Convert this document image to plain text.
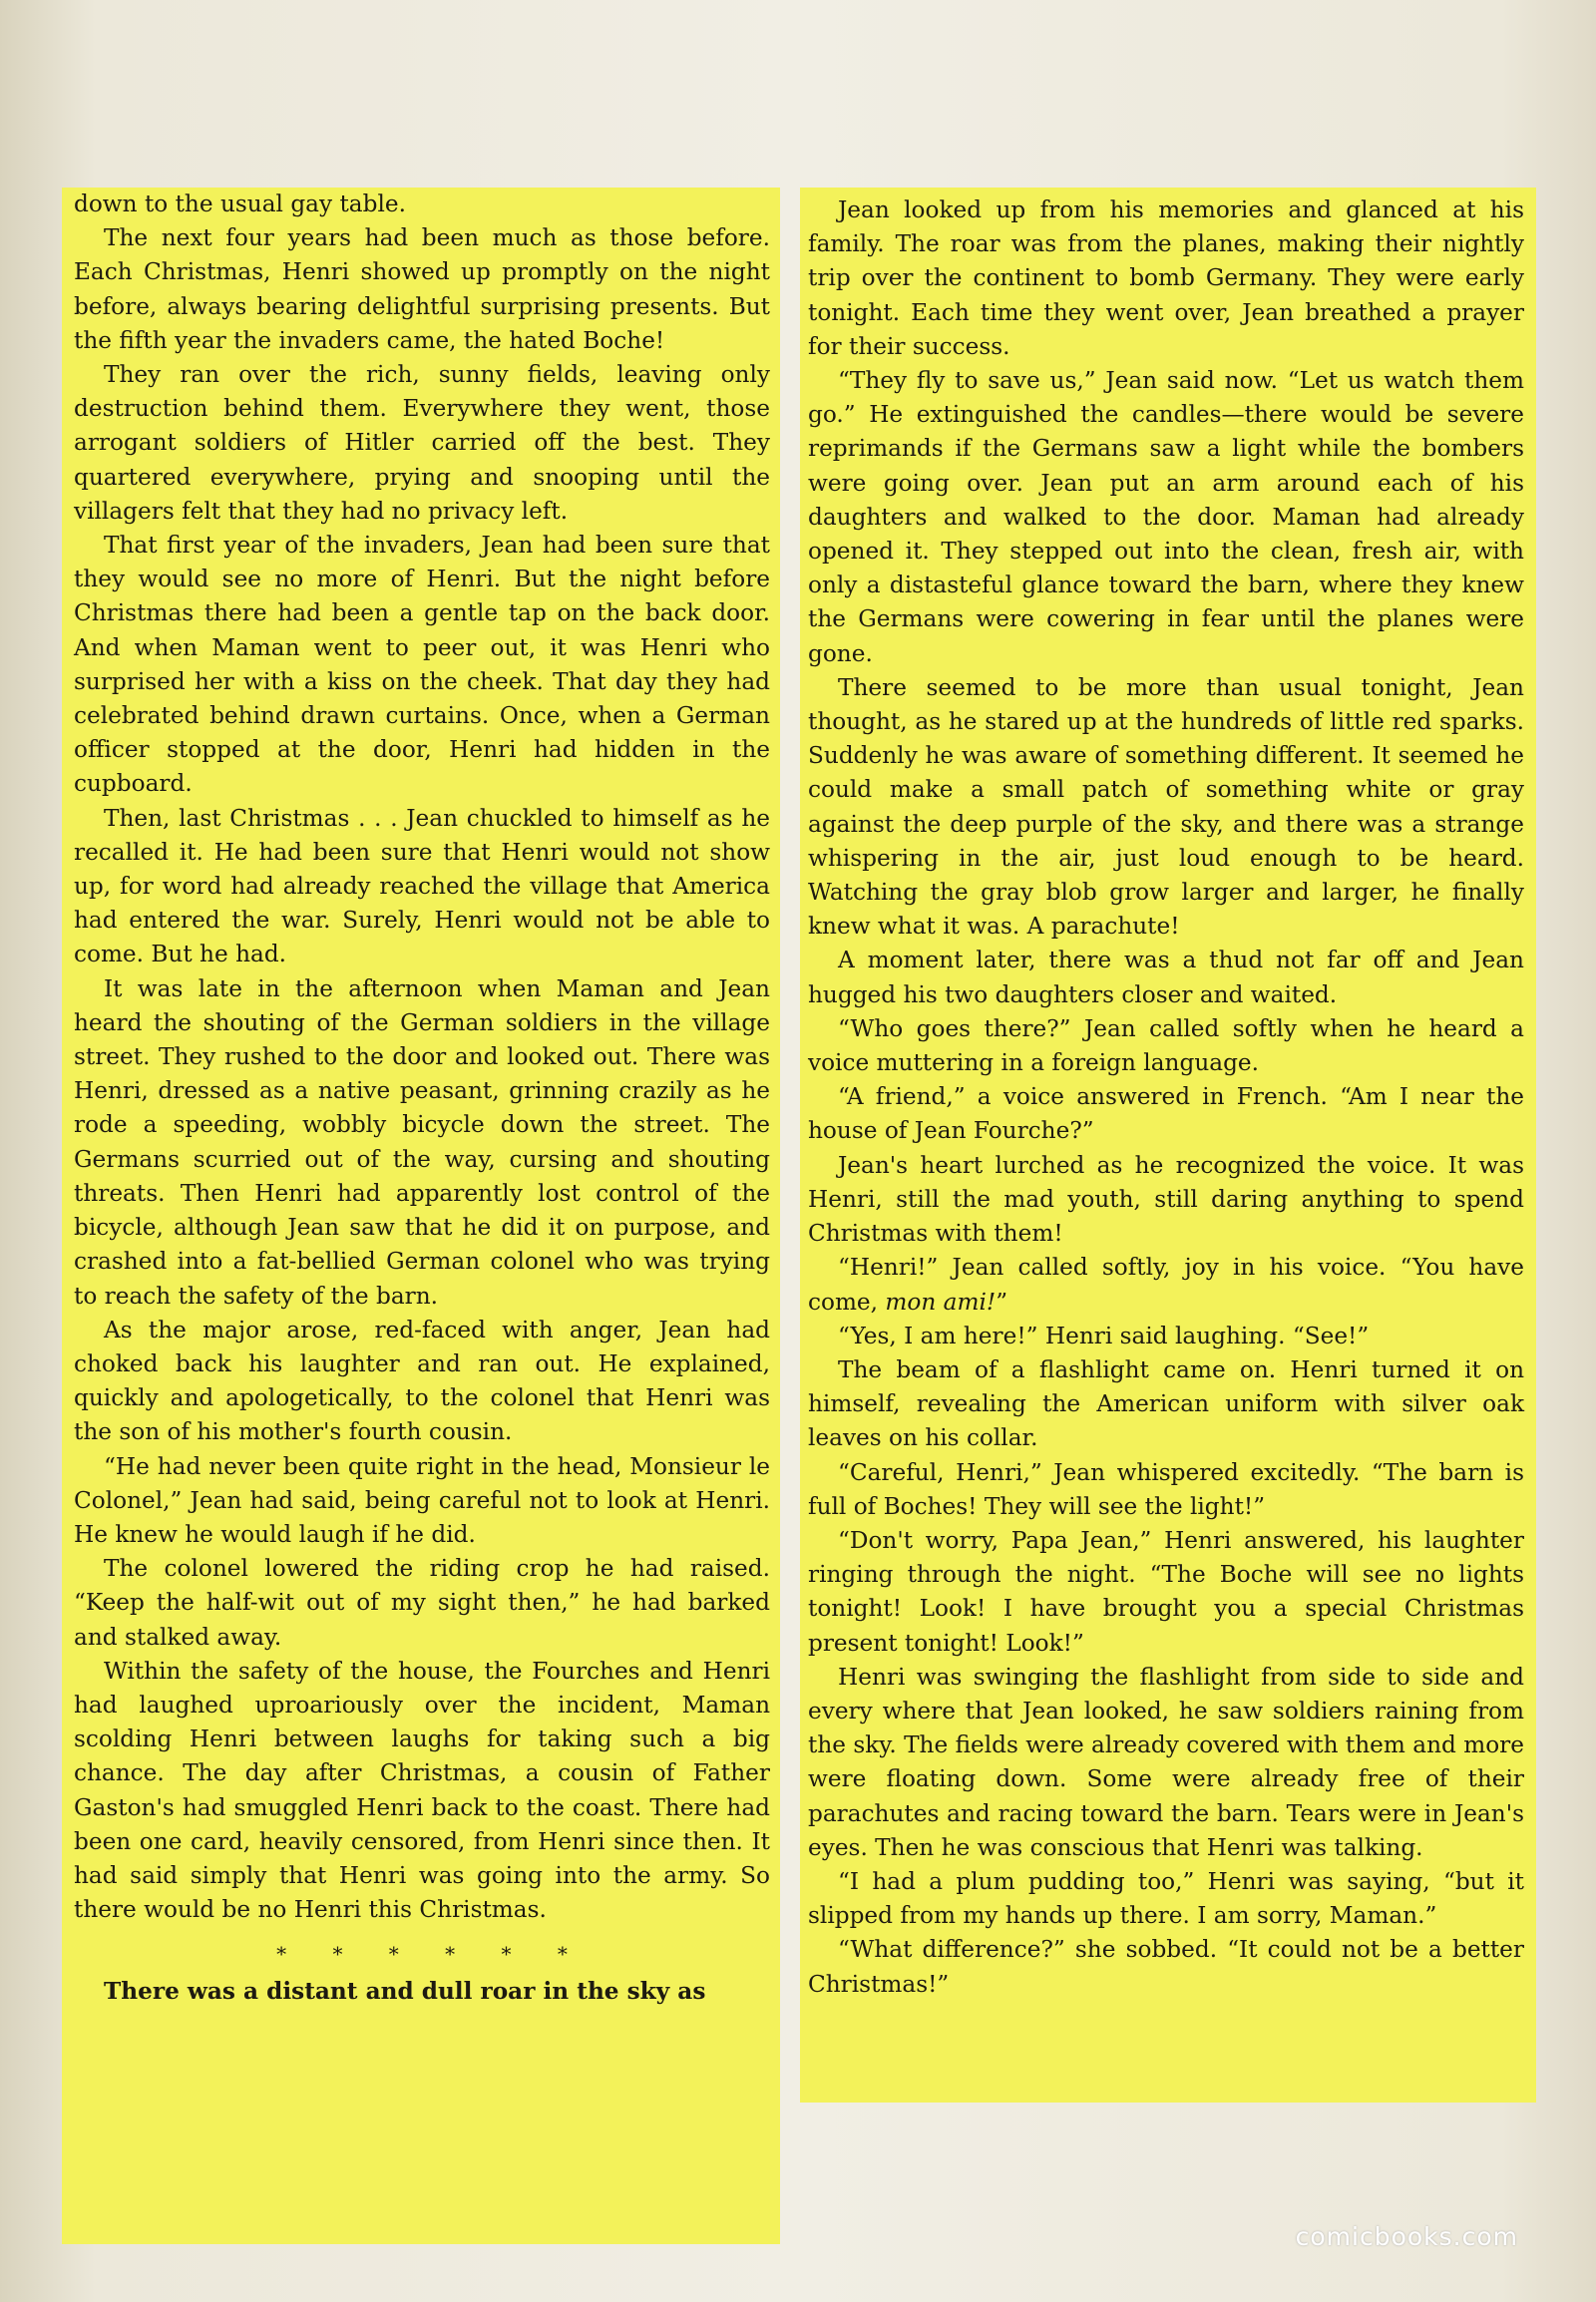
down to the usual gay table.

The next four years had been much as those before. Each Christmas, Henri showed up promptly on the night before, always bearing delightful surprising presents. But the fifth year the invaders came, the hated Boche!

They ran over the rich, sunny fields, leaving only destruction behind them. Everywhere they went, those arrogant soldiers of Hitler carried off the best. They quartered everywhere, prying and snooping until the villagers felt that they had no privacy left.

That first year of the invaders, Jean had been sure that they would see no more of Henri. But the night before Christmas there had been a gentle tap on the back door. And when Maman went to peer out, it was Henri who surprised her with a kiss on the cheek. That day they had celebrated behind drawn curtains. Once, when a German officer stopped at the door, Henri had hidden in the cupboard.

Then, last Christmas . . . Jean chuckled to himself as he recalled it. He had been sure that Henri would not show up, for word had already reached the village that America had entered the war. Surely, Henri would not be able to come. But he had.

It was late in the afternoon when Maman and Jean heard the shouting of the German soldiers in the village street. They rushed to the door and looked out. There was Henri, dressed as a native peasant, grinning crazily as he rode a speeding, wobbly bicycle down the street. The Germans scurried out of the way, cursing and shouting threats. Then Henri had apparently lost control of the bicycle, although Jean saw that he did it on purpose, and crashed into a fat-bellied German colonel who was trying to reach the safety of the barn.

As the major arose, red-faced with anger, Jean had choked back his laughter and ran out. He explained, quickly and apologetically, to the colonel that Henri was the son of his mother's fourth cousin.

“He had never been quite right in the head, Monsieur le Colonel,” Jean had said, being careful not to look at Henri. He knew he would laugh if he did.

The colonel lowered the riding crop he had raised. “Keep the half-wit out of my sight then,” he had barked and stalked away.

Within the safety of the house, the Fourches and Henri had laughed uproariously over the incident, Maman scolding Henri between laughs for taking such a big chance. The day after Christmas, a cousin of Father Gaston's had smuggled Henri back to the coast. There had been one card, heavily censored, from Henri since then. It had said simply that Henri was going into the army. So there would be no Henri this Christmas.

* * * * * *

There was a distant and dull roar in the sky as

Jean looked up from his memories and glanced at his family. The roar was from the planes, making their nightly trip over the continent to bomb Germany. They were early tonight. Each time they went over, Jean breathed a prayer for their success.

“They fly to save us,” Jean said now. “Let us watch them go.” He extinguished the candles—there would be severe reprimands if the Germans saw a light while the bombers were going over. Jean put an arm around each of his daughters and walked to the door. Maman had already opened it. They stepped out into the clean, fresh air, with only a distasteful glance toward the barn, where they knew the Germans were cowering in fear until the planes were gone.

There seemed to be more than usual tonight, Jean thought, as he stared up at the hundreds of little red sparks. Suddenly he was aware of something different. It seemed he could make a small patch of something white or gray against the deep purple of the sky, and there was a strange whispering in the air, just loud enough to be heard. Watching the gray blob grow larger and larger, he finally knew what it was. A parachute!

A moment later, there was a thud not far off and Jean hugged his two daughters closer and waited.

“Who goes there?” Jean called softly when he heard a voice muttering in a foreign language.

“A friend,” a voice answered in French. “Am I near the house of Jean Fourche?”

Jean's heart lurched as he recognized the voice. It was Henri, still the mad youth, still daring anything to spend Christmas with them!

“Henri!” Jean called softly, joy in his voice. “You have come, mon ami!”

“Yes, I am here!” Henri said laughing. “See!”

The beam of a flashlight came on. Henri turned it on himself, revealing the American uniform with silver oak leaves on his collar.

“Careful, Henri,” Jean whispered excitedly. “The barn is full of Boches! They will see the light!”

“Don't worry, Papa Jean,” Henri answered, his laughter ringing through the night. “The Boche will see no lights tonight! Look! I have brought you a special Christmas present tonight! Look!”

Henri was swinging the flashlight from side to side and every where that Jean looked, he saw soldiers raining from the sky. The fields were already covered with them and more were floating down. Some were already free of their parachutes and racing toward the barn. Tears were in Jean's eyes. Then he was conscious that Henri was talking.

“I had a plum pudding too,” Henri was saying, “but it slipped from my hands up there. I am sorry, Maman.”

“What difference?” she sobbed. “It could not be a better Christmas!”

comicbooks.com
